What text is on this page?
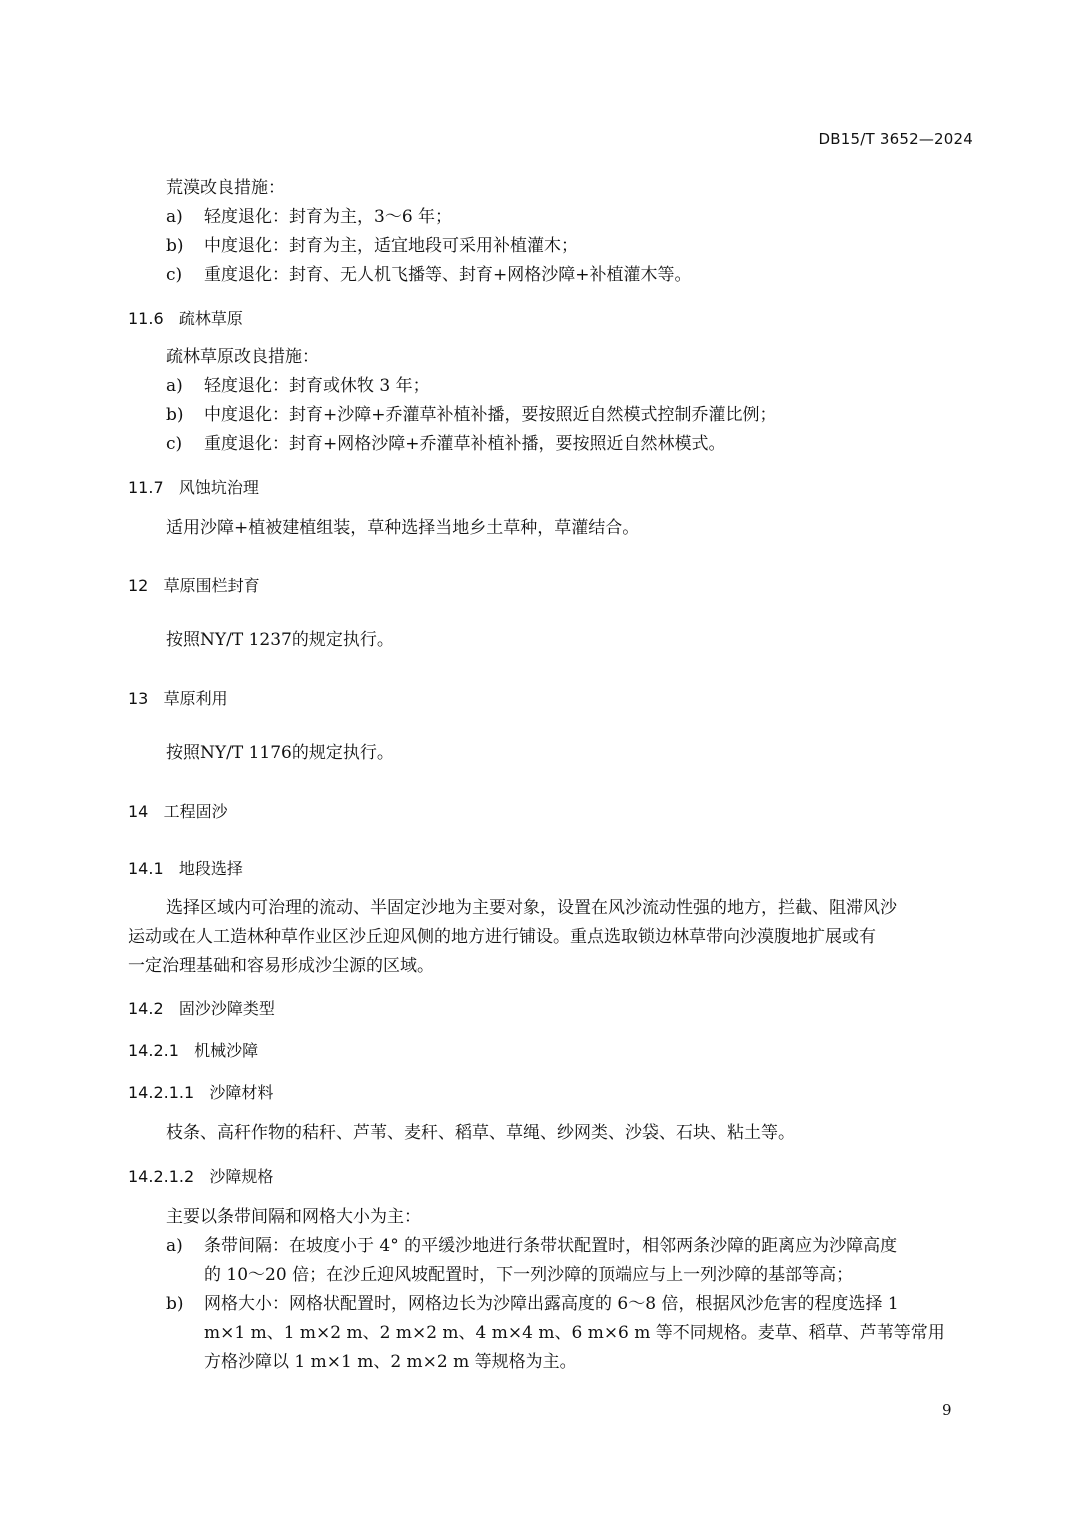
DB15/T 3652—2024
荒漠改良措施：
a) 轻度退化：封育为主，3～6 年；
b) 中度退化：封育为主，适宜地段可采用补植灌木；
c) 重度退化：封育、无人机飞播等、封育+网格沙障+补植灌木等。
11.6 疏林草原
疏林草原改良措施：
a) 轻度退化：封育或休牧 3 年；
b) 中度退化：封育+沙障+乔灌草补植补播，要按照近自然模式控制乔灌比例；
c) 重度退化：封育+网格沙障+乔灌草补植补播，要按照近自然林模式。
11.7 风蚀坑治理
适用沙障+植被建植组装，草种选择当地乡土草种，草灌结合。
12 草原围栏封育
按照NY/T 1237的规定执行。
13 草原利用
按照NY/T 1176的规定执行。
14 工程固沙
14.1 地段选择
选择区域内可治理的流动、半固定沙地为主要对象，设置在风沙流动性强的地方，拦截、阻滞风沙
运动或在人工造林种草作业区沙丘迎风侧的地方进行铺设。重点选取锁边林草带向沙漠腹地扩展或有
一定治理基础和容易形成沙尘源的区域。
14.2 固沙沙障类型
14.2.1 机械沙障
14.2.1.1 沙障材料
枝条、高秆作物的秸秆、芦苇、麦秆、稻草、草绳、纱网类、沙袋、石块、粘土等。
14.2.1.2 沙障规格
主要以条带间隔和网格大小为主：
a) 条带间隔：在坡度小于 4° 的平缓沙地进行条带状配置时，相邻两条沙障的距离应为沙障高度
的 10～20 倍；在沙丘迎风坡配置时，下一列沙障的顶端应与上一列沙障的基部等高；
b) 网格大小：网格状配置时，网格边长为沙障出露高度的 6～8 倍，根据风沙危害的程度选择 1
m×1 m、1 m×2 m、2 m×2 m、4 m×4 m、6 m×6 m 等不同规格。麦草、稻草、芦苇等常用
方格沙障以 1 m×1 m、2 m×2 m 等规格为主。
9
